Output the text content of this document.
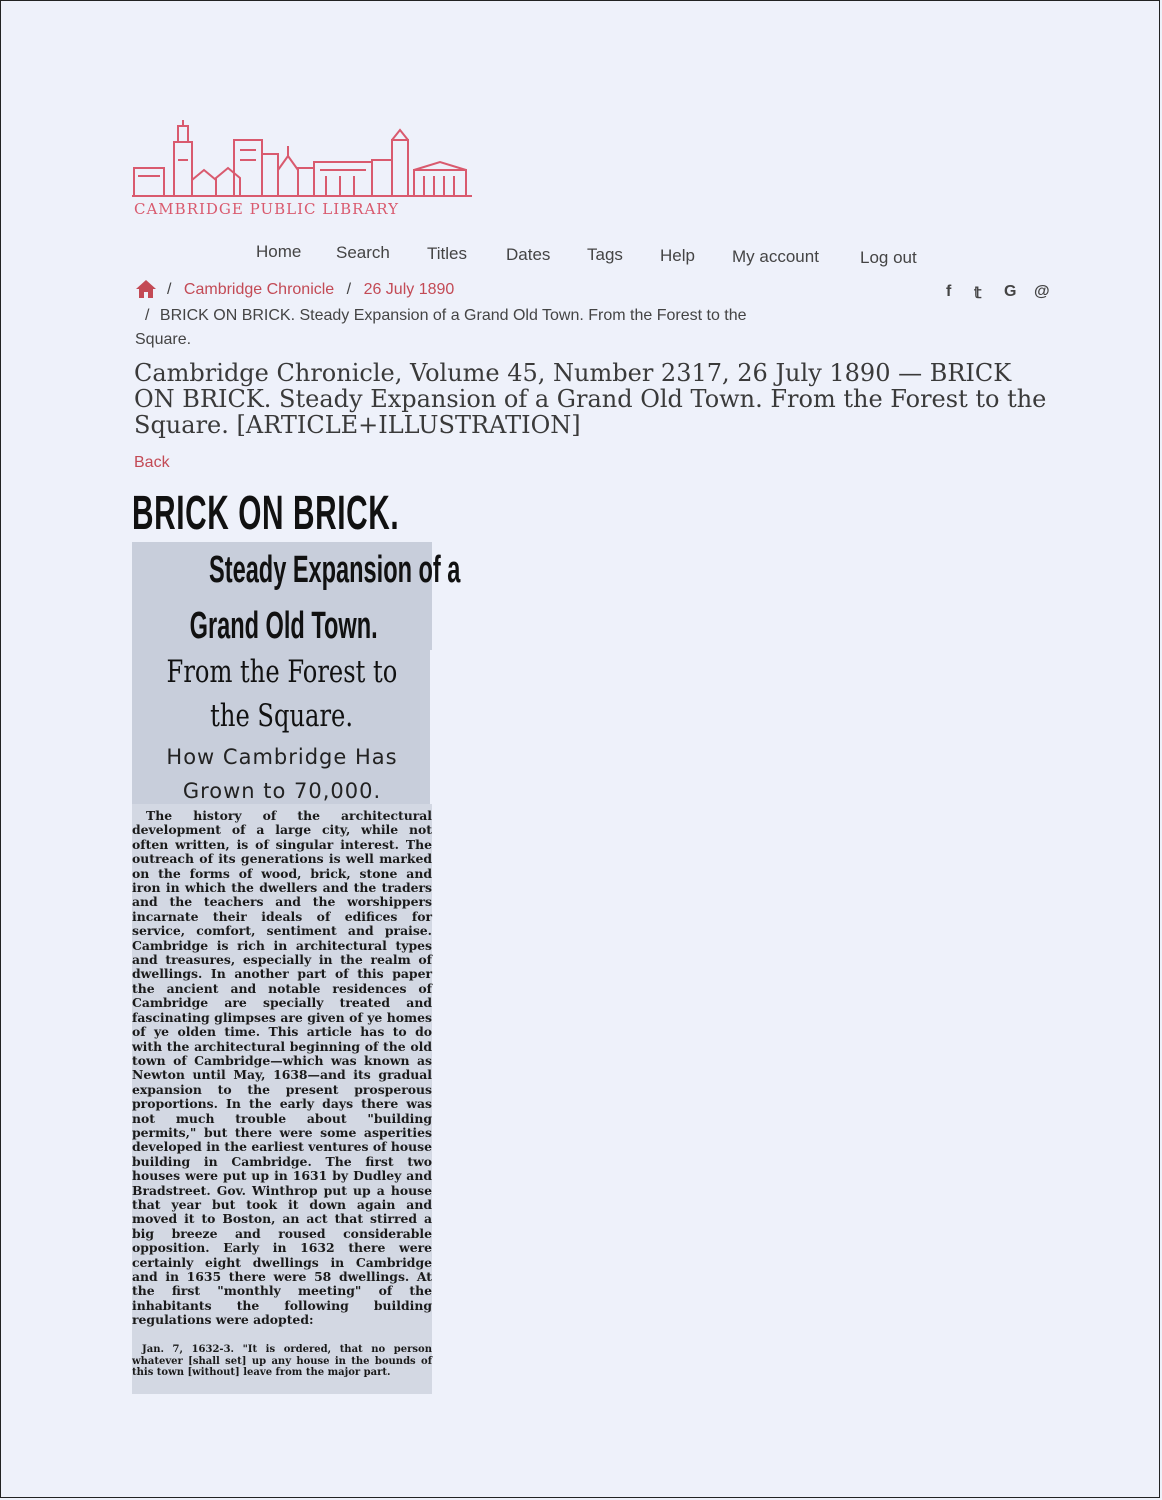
CAMBRIDGE PUBLIC LIBRARY
Home Search Titles Dates Tags Help My account Log out
/ Cambridge Chronicle / 26 July 1890
/ BRICK ON BRICK. Steady Expansion of a Grand Old Town. From the Forest to the
Square.
f 𝕥 G @
Cambridge Chronicle, Volume 45, Number 2317, 26 July 1890 — BRICK ON BRICK. Steady Expansion of a Grand Old Town. From the Forest to the Square. [ARTICLE+ILLUSTRATION]
Back
BRICK ON BRICK.
Steady Expansion of a
Grand Old Town.
From the Forest to
the Square.
How Cambridge Has
Grown to 70,000.

The history of the architectural development of a large city, while not often written, is of singular interest. The outreach of its generations is well marked on the forms of wood, brick, stone and iron in which the dwellers and the traders and the teachers and the worshippers incarnate their ideals of edifices for service, comfort, sentiment and praise. Cambridge is rich in architectural types and treasures, especially in the realm of dwellings. In another part of this paper the ancient and notable residences of Cambridge are specially treated and fascinating glimpses are given of ye homes of ye olden time. This article has to do with the architectural beginning of the old town of Cambridge—which was known as Newton until May, 1638—and its gradual expansion to the present prosperous proportions. In the early days there was not much trouble about "building permits," but there were some asperities developed in the earliest ventures of house building in Cambridge. The first two houses were put up in 1631 by Dudley and Bradstreet. Gov. Winthrop put up a house that year but took it down again and moved it to Boston, an act that stirred a big breeze and roused considerable opposition. Early in 1632 there were certainly eight dwellings in Cambridge and in 1635 there were 58 dwellings. At the first "monthly meeting" of the inhabitants the following building regulations were adopted:

Jan. 7, 1632-3. "It is ordered, that no person whatever [shall set] up any house in the bounds of this town [without] leave from the major part.
